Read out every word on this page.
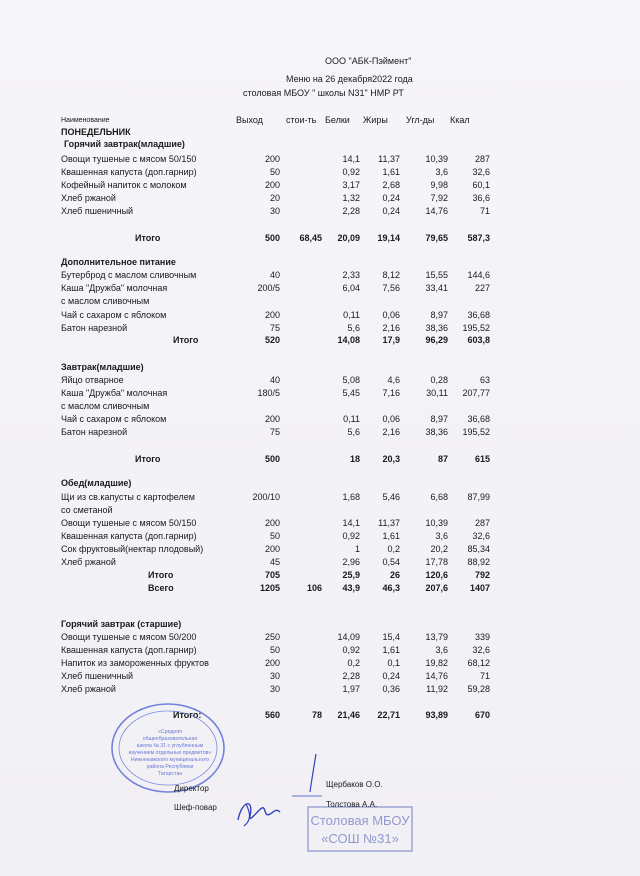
ООО "АБК-Пэймент"
Меню на 26 декабря2022 года
столовая МБОУ " школы N31" НМР РТ
Наименование	Выход	стои-ть Белки Жиры Угл-ды Ккал
ПОНЕДЕЛЬНИК
Горячий завтрак(младшие)
Овощи тушеные с мясом 50/150	200	14,1 11,37	10,39	287
Квашенная капуста (доп.гарнир)	50	0,92 1,61	3,6	32,6
Кофейный напиток с молоком	200	3,17 2,68	9,98	60,1
Хлеб ржаной	20	1,32 0,24	7,92	36,6
Хлеб пшеничный	30	2,28 0,24	14,76	71
Итого	500 68,45 20,09 19,14	79,65 587,3
Дополнительное питание
Бутерброд с маслом сливочным	40	2,33 8,12	15,55 144,6
Каша "Дружба" молочная	200/5	6,04 7,56	33,41	227
с маслом сливочным
Чай с сахаром с яблоком	200	0,11 0,06	8,97 36,68
Батон нарезной	75	5,6 2,16	38,36 195,52
Итого	520	14,08 17,9	96,29 603,8
Завтрак(младшие)
Яйцо отварное	40	5,08	4,6	0,28	63
Каша "Дружба" молочная	180/5	5,45 7,16	30,11 207,77
с маслом сливочным
Чай с сахаром с яблоком	200	0,11 0,06	8,97 36,68
Батон нарезной	75	5,6 2,16	38,36 195,52
Итого	500	18 20,3	87	615
Обед(младшие)
Щи из св.капусты с картофелем	200/10	1,68 5,46	6,68 87,99
со сметаной
Овощи тушеные с мясом 50/150	200	14,1 11,37	10,39	287
Квашенная капуста (доп.гарнир)	50	0,92 1,61	3,6	32,6
Сок фруктовый(нектар плодовый)	200	1	0,2	20,2 85,34
Хлеб ржаной	45	2,96 0,54	17,78 88,92
Итого	705	25,9	26	120,6	792
Всего	1205	106 43,9 46,3	207,6 1407
Горячий завтрак (старшие)
Овощи тушеные с мясом 50/200	250	14,09 15,4	13,79	339
Квашенная капуста (доп.гарнир)	50	0,92 1,61	3,6	32,6
Напиток из замороженных фруктов	200	0,2	0,1	19,82 68,12
Хлеб пшеничный	30	2,28 0,24	14,76	71
Хлеб ржаной	30	1,97 0,36	11,92 59,28
Итого:	560	78 21,46 22,71	93,89	670
«Средняя
общеобразовательная
школа № 31 с углубленным
изучением отдельных предметов»
Нижнекамского муниципального
района Республики
Татарстан
Столовая МБОУ
«СОШ №31»
Директор	Щербаков О.О.
Шеф-повар	Толстова А.А.
